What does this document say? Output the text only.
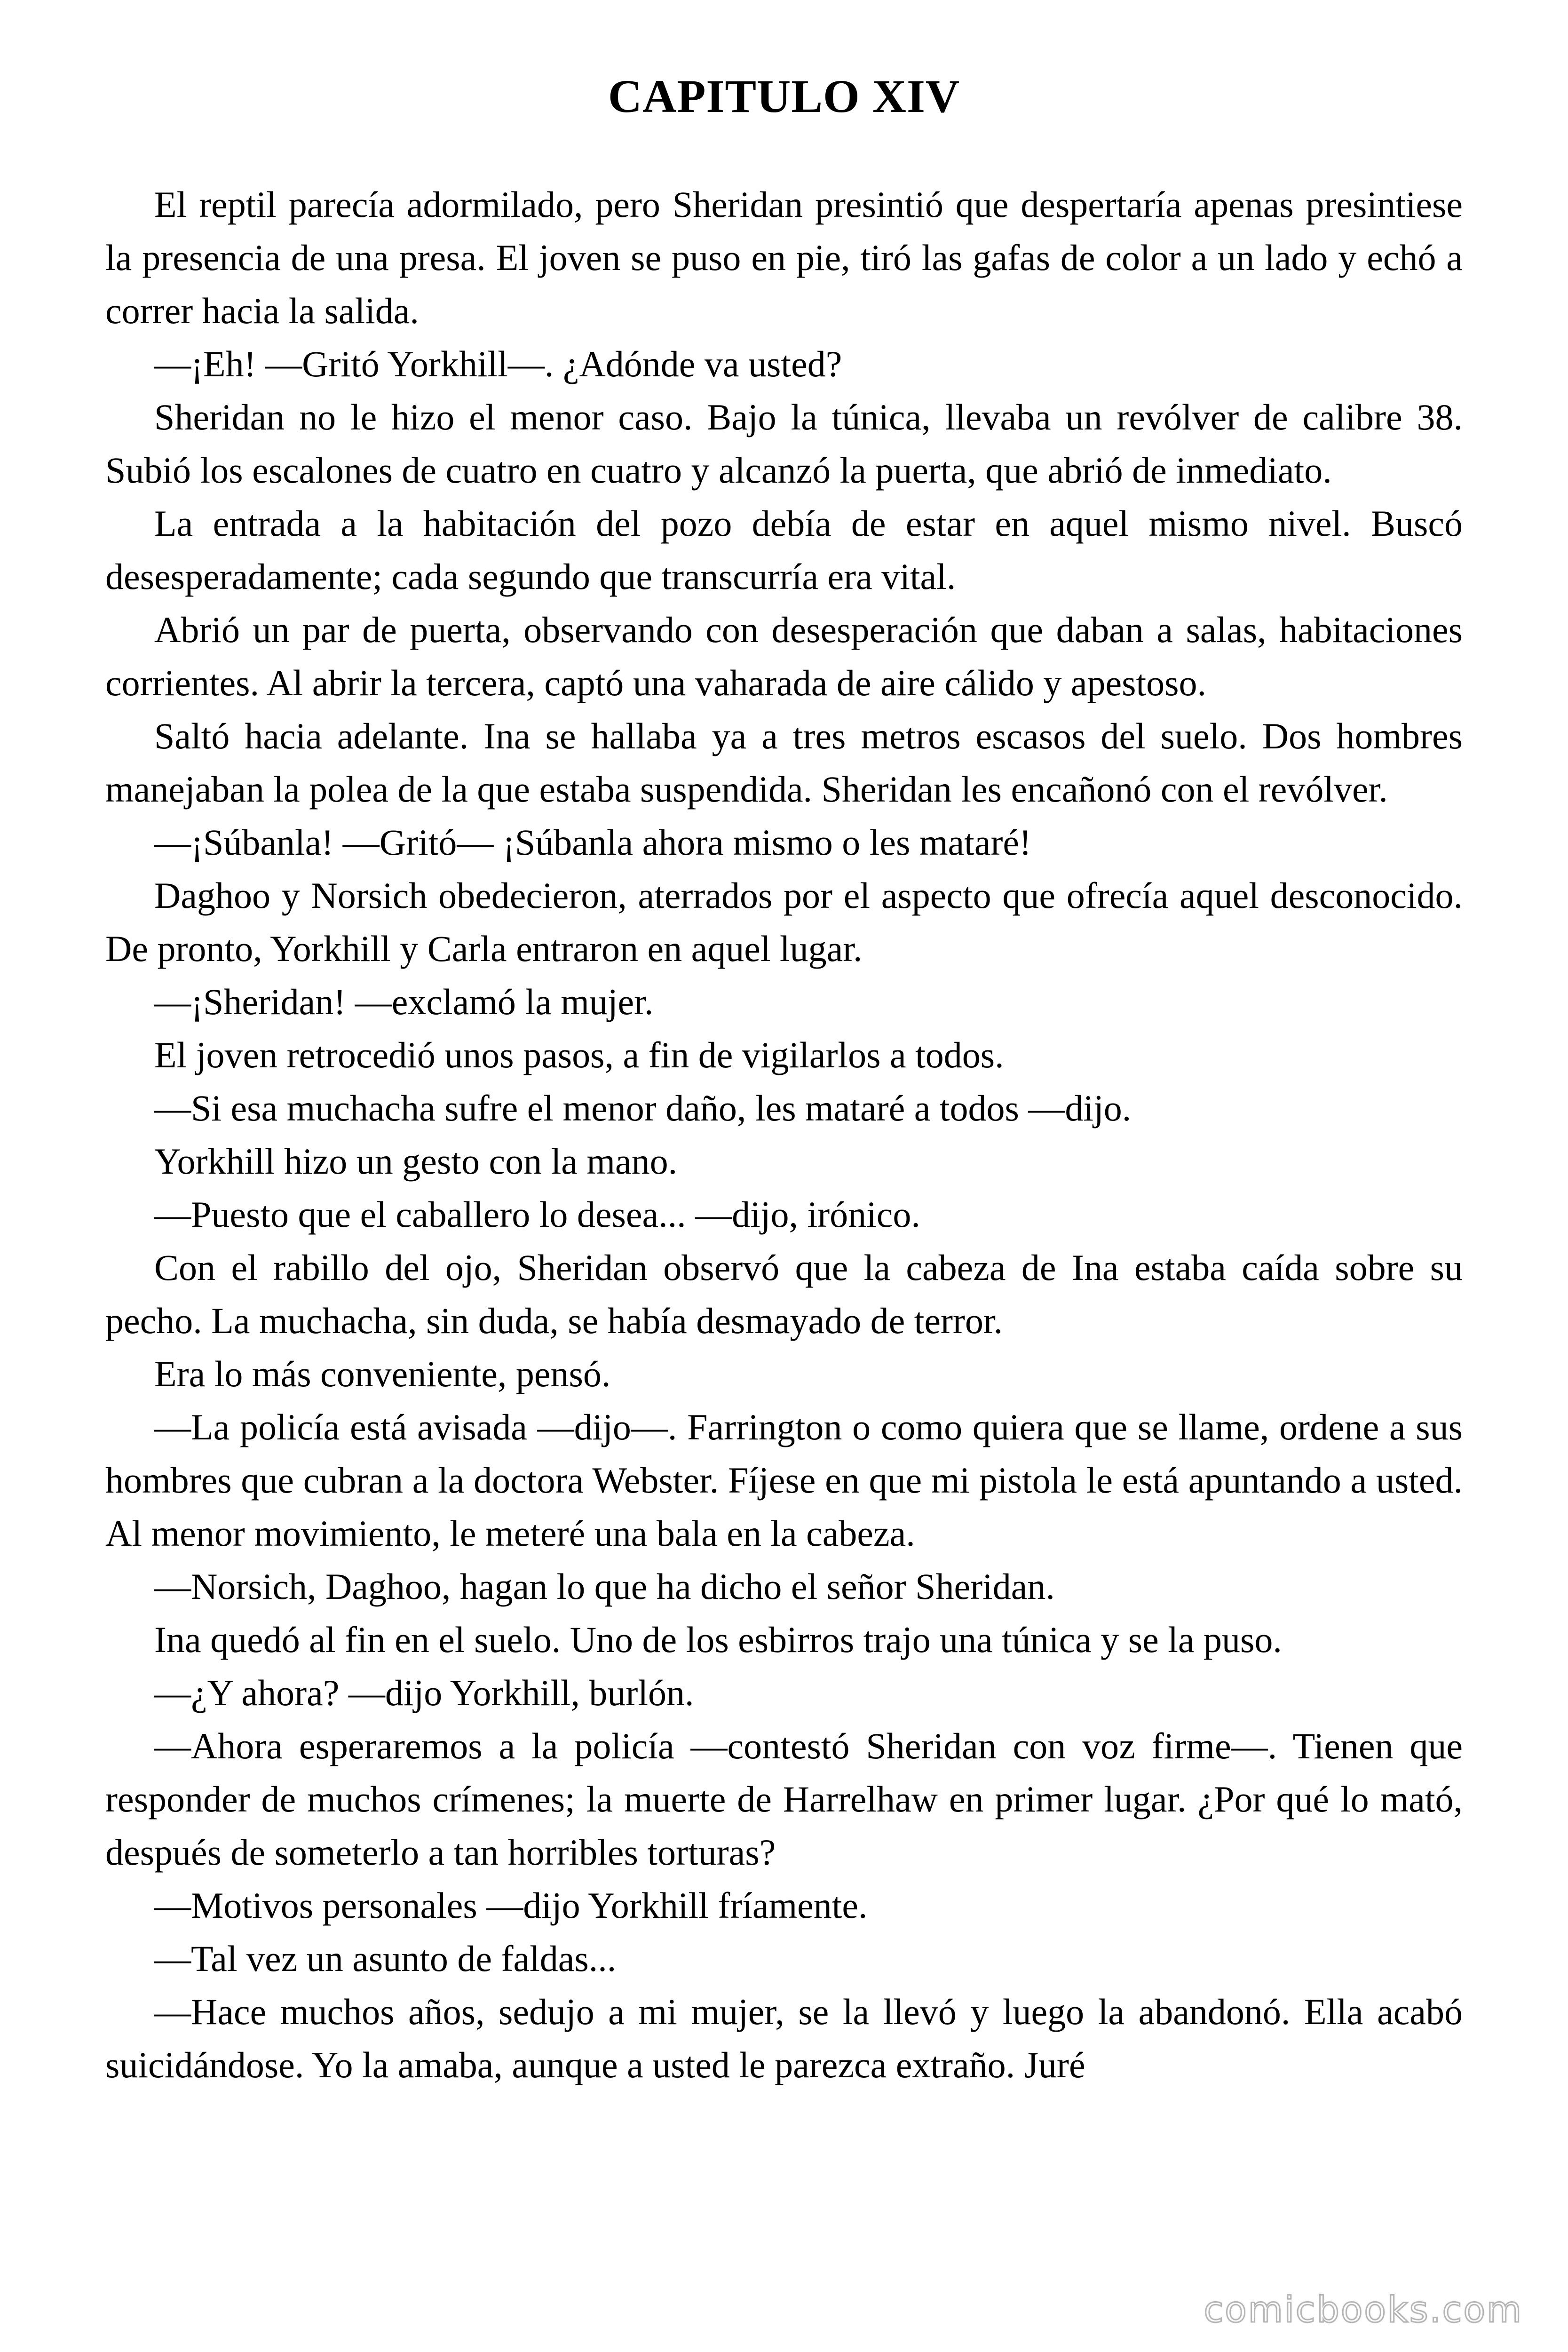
CAPITULO XIV

El reptil parecía adormilado, pero Sheridan presintió que despertaría apenas presintiese la presencia de una presa. El joven se puso en pie, tiró las gafas de color a un lado y echó a correr hacia la salida.

—¡Eh! —Gritó Yorkhill—. ¿Adónde va usted?

Sheridan no le hizo el menor caso. Bajo la túnica, llevaba un revólver de calibre 38. Subió los escalones de cuatro en cuatro y alcanzó la puerta, que abrió de inmediato.

La entrada a la habitación del pozo debía de estar en aquel mismo nivel. Buscó desesperadamente; cada segundo que transcurría era vital.

Abrió un par de puerta, observando con desesperación que daban a salas, habitaciones corrientes. Al abrir la tercera, captó una vaharada de aire cálido y apestoso.

Saltó hacia adelante. Ina se hallaba ya a tres metros escasos del suelo. Dos hombres manejaban la polea de la que estaba suspendida. Sheridan les encañonó con el revólver.

—¡Súbanla! —Gritó— ¡Súbanla ahora mismo o les mataré!

Daghoo y Norsich obedecieron, aterrados por el aspecto que ofrecía aquel desconocido. De pronto, Yorkhill y Carla entraron en aquel lugar.

—¡Sheridan! —exclamó la mujer.

El joven retrocedió unos pasos, a fin de vigilarlos a todos.

—Si esa muchacha sufre el menor daño, les mataré a todos —dijo.

Yorkhill hizo un gesto con la mano.

—Puesto que el caballero lo desea... —dijo, irónico.

Con el rabillo del ojo, Sheridan observó que la cabeza de Ina estaba caída sobre su pecho. La muchacha, sin duda, se había desmayado de terror.

Era lo más conveniente, pensó.

—La policía está avisada —dijo—. Farrington o como quiera que se llame, ordene a sus hombres que cubran a la doctora Webster. Fíjese en que mi pistola le está apuntando a usted. Al menor movimiento, le meteré una bala en la cabeza.

—Norsich, Daghoo, hagan lo que ha dicho el señor Sheridan.

Ina quedó al fin en el suelo. Uno de los esbirros trajo una túnica y se la puso.

—¿Y ahora? —dijo Yorkhill, burlón.

—Ahora esperaremos a la policía —contestó Sheridan con voz firme—. Tienen que responder de muchos crímenes; la muerte de Harrelhaw en primer lugar. ¿Por qué lo mató, después de someterlo a tan horribles torturas?

—Motivos personales —dijo Yorkhill fríamente.

—Tal vez un asunto de faldas...

—Hace muchos años, sedujo a mi mujer, se la llevó y luego la abandonó. Ella acabó suicidándose. Yo la amaba, aunque a usted le parezca extraño. Juré

comicbooks.com
